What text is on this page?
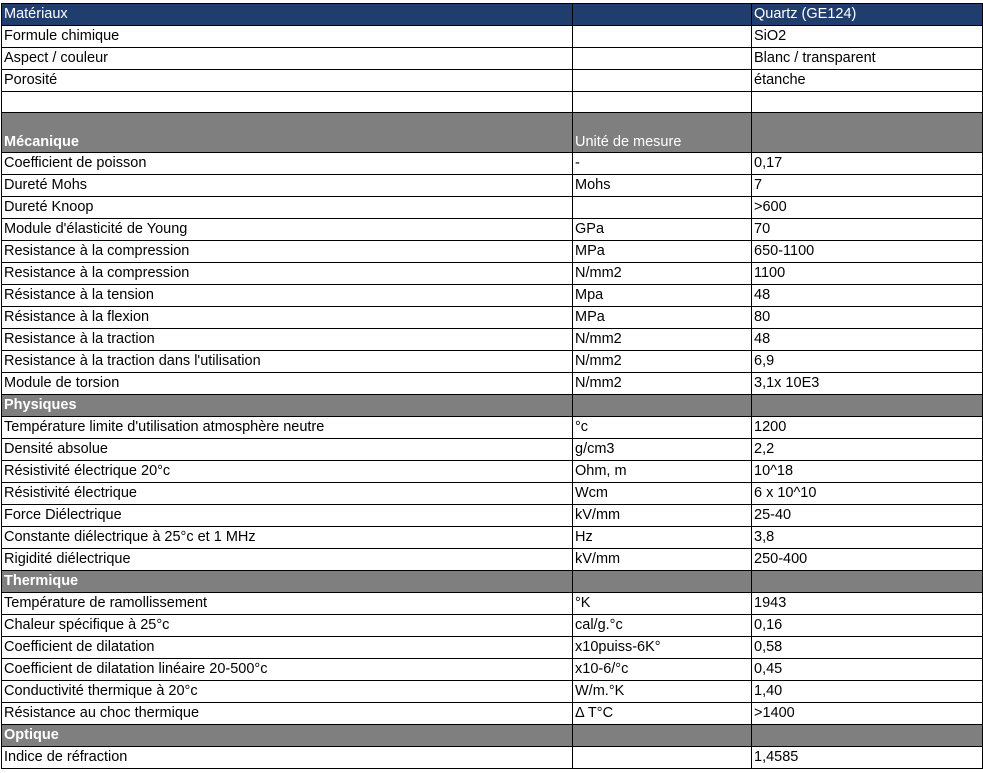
Matériaux		Quartz (GE124)
Formule chimique		SiO2
Aspect / couleur		Blanc / transparent
Porosité		étanche

Mécanique	Unité de mesure	
Coefficient de poisson	-	0,17
Dureté Mohs	Mohs	7
Dureté Knoop		>600
Module d'élasticité de Young	GPa	70
Resistance à la compression	MPa	650-1100
Resistance à la compression	N/mm2	1100
Résistance à la tension	Mpa	48
Résistance à la flexion	MPa	80
Resistance à la traction	N/mm2	48
Resistance à la traction dans l'utilisation	N/mm2	6,9
Module de torsion	N/mm2	3,1x 10E3
Physiques		
Température limite d'utilisation atmosphère neutre	°c	1200
Densité absolue	g/cm3	2,2
Résistivité électrique 20°c	Ohm, m	10^18
Résistivité électrique	Wcm	6 x 10^10
Force Diélectrique	kV/mm	25-40
Constante diélectrique à 25°c et 1 MHz	Hz	3,8
Rigidité diélectrique	kV/mm	250-400
Thermique		
Température de ramollissement	°K	1943
Chaleur spécifique à 25°c	cal/g.°c	0,16
Coefficient de dilatation	x10puiss-6K°	0,58
Coefficient de dilatation linéaire 20-500°c	x10-6/°c	0,45
Conductivité thermique à 20°c	W/m.°K	1,40
Résistance au choc thermique	Δ T°C	>1400
Optique		
Indice de réfraction		1,4585
